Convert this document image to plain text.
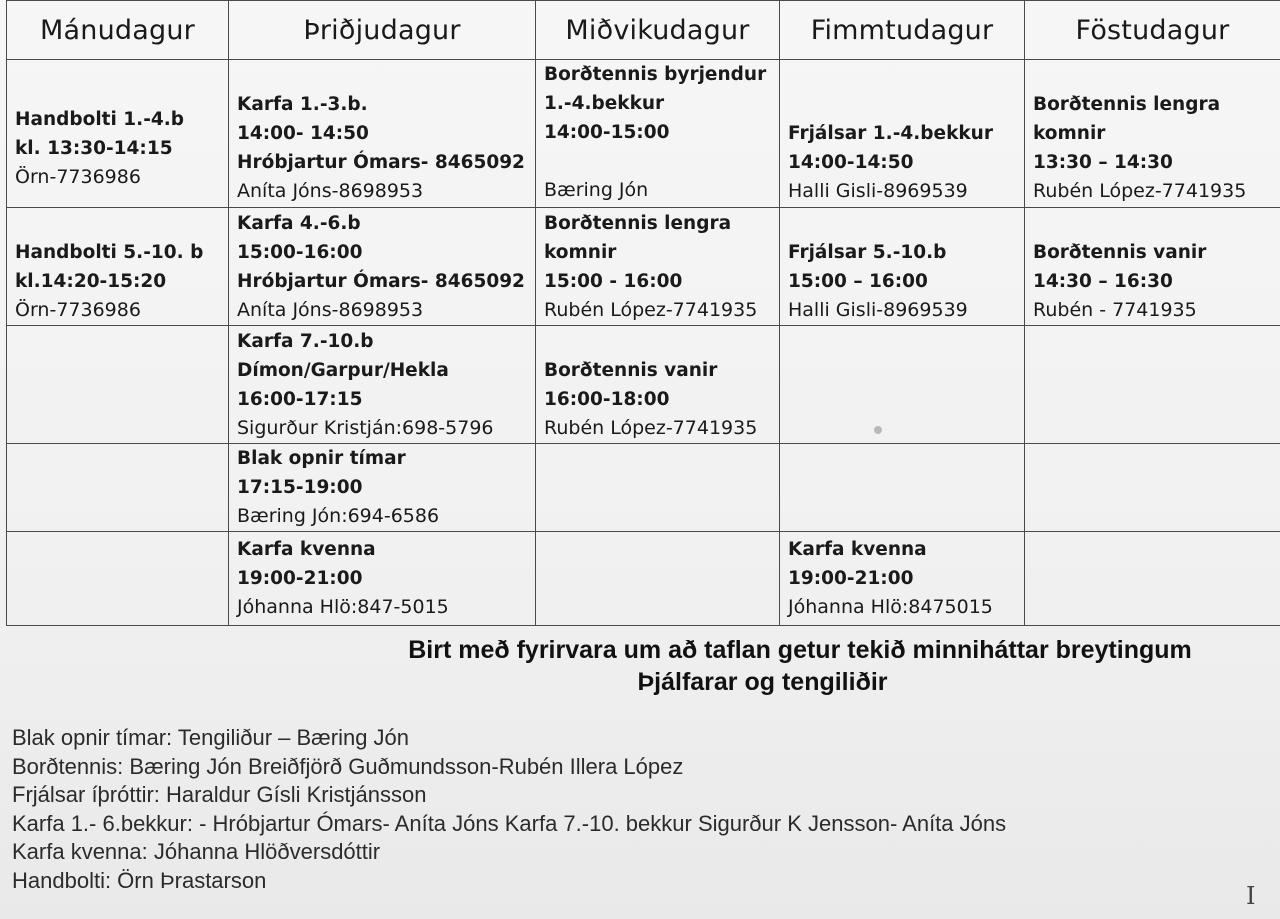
Mánudagur	Þriðjudagur	Miðvikudagur	Fimmtudagur	Föstudagur

Handbolti 1.-4.b
kl. 13:30-14:15
Örn-7736986	Karfa 1.-3.b.
14:00- 14:50
Hróbjartur Ómars- 8465092
Aníta Jóns-8698953	Borðtennis byrjendur
1.-4.bekkur
14:00-15:00
Bæring Jón	Frjálsar 1.-4.bekkur
14:00-14:50
Halli Gisli-8969539	Borðtennis lengra
komnir
13:30 – 14:30
Rubén López-7741935

Handbolti 5.-10. b
kl.14:20-15:20
Örn-7736986	Karfa 4.-6.b
15:00-16:00
Hróbjartur Ómars- 8465092
Aníta Jóns-8698953	Borðtennis lengra
komnir
15:00 - 16:00
Rubén López-7741935	Frjálsar 5.-10.b
15:00 – 16:00
Halli Gisli-8969539	Borðtennis vanir
14:30 – 16:30
Rubén - 7741935

	Karfa 7.-10.b
Dímon/Garpur/Hekla
16:00-17:15
Sigurður Kristján:698-5796	Borðtennis vanir
16:00-18:00
Rubén López-7741935		

	Blak opnir tímar
17:15-19:00
Bæring Jón:694-6586			

	Karfa kvenna
19:00-21:00
Jóhanna Hlö:847-5015		Karfa kvenna
19:00-21:00
Jóhanna Hlö:8475015	

Birt með fyrirvara um að taflan getur tekið minniháttar breytingum
Þjálfarar og tengiliðir
Blak opnir tímar: Tengiliður – Bæring Jón
Borðtennis: Bæring Jón Breiðfjörð Guðmundsson-Rubén Illera López
Frjálsar íþróttir: Haraldur Gísli Kristjánsson
Karfa 1.- 6.bekkur: - Hróbjartur Ómars- Aníta Jóns Karfa 7.-10. bekkur Sigurður K Jensson- Aníta Jóns
Karfa kvenna: Jóhanna Hlöðversdóttir
Handbolti: Örn Þrastarson
I
